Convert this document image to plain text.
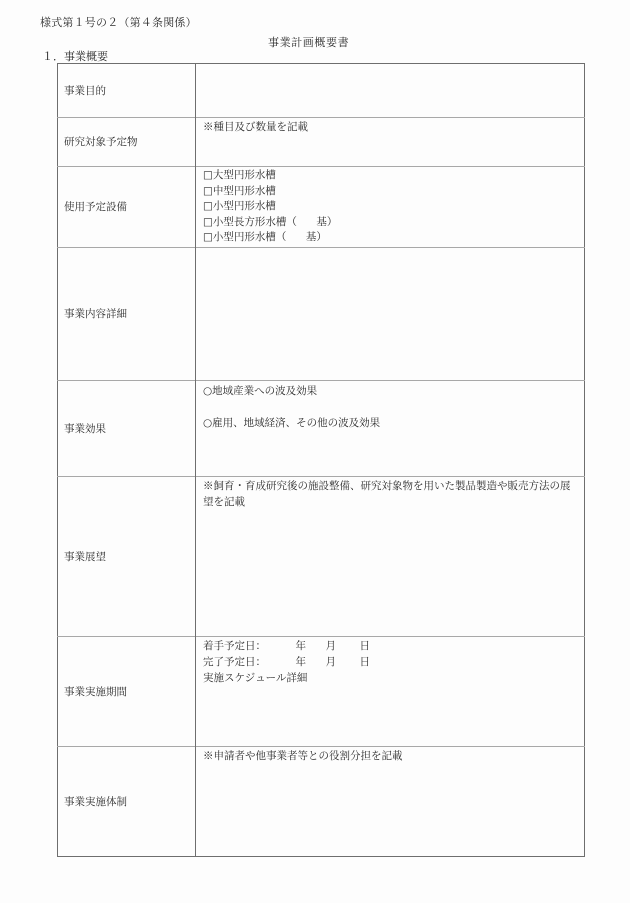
様式第１号の２（第４条関係）
事業計画概要書
１．事業概要
事業目的	
研究対象予定物	※種目及び数量を記載

使用予定設備	□大型円形水槽
□中型円形水槽
□小型円形水槽
□小型長方形水槽（ 基）
□小型円形水槽（ 基）

事業内容詳細	
事業効果	○地域産業への波及効果
○雇用、地域経済、その他の波及効果

事業展望	※飼育・育成研究後の施設整備、研究対象物を用いた製品製造や販売方法の展望を記載

事業実施期間	着手予定日： 年 月 日
完了予定日： 年 月 日
実施スケジュール詳細

事業実施体制	※申請者や他事業者等との役割分担を記載
